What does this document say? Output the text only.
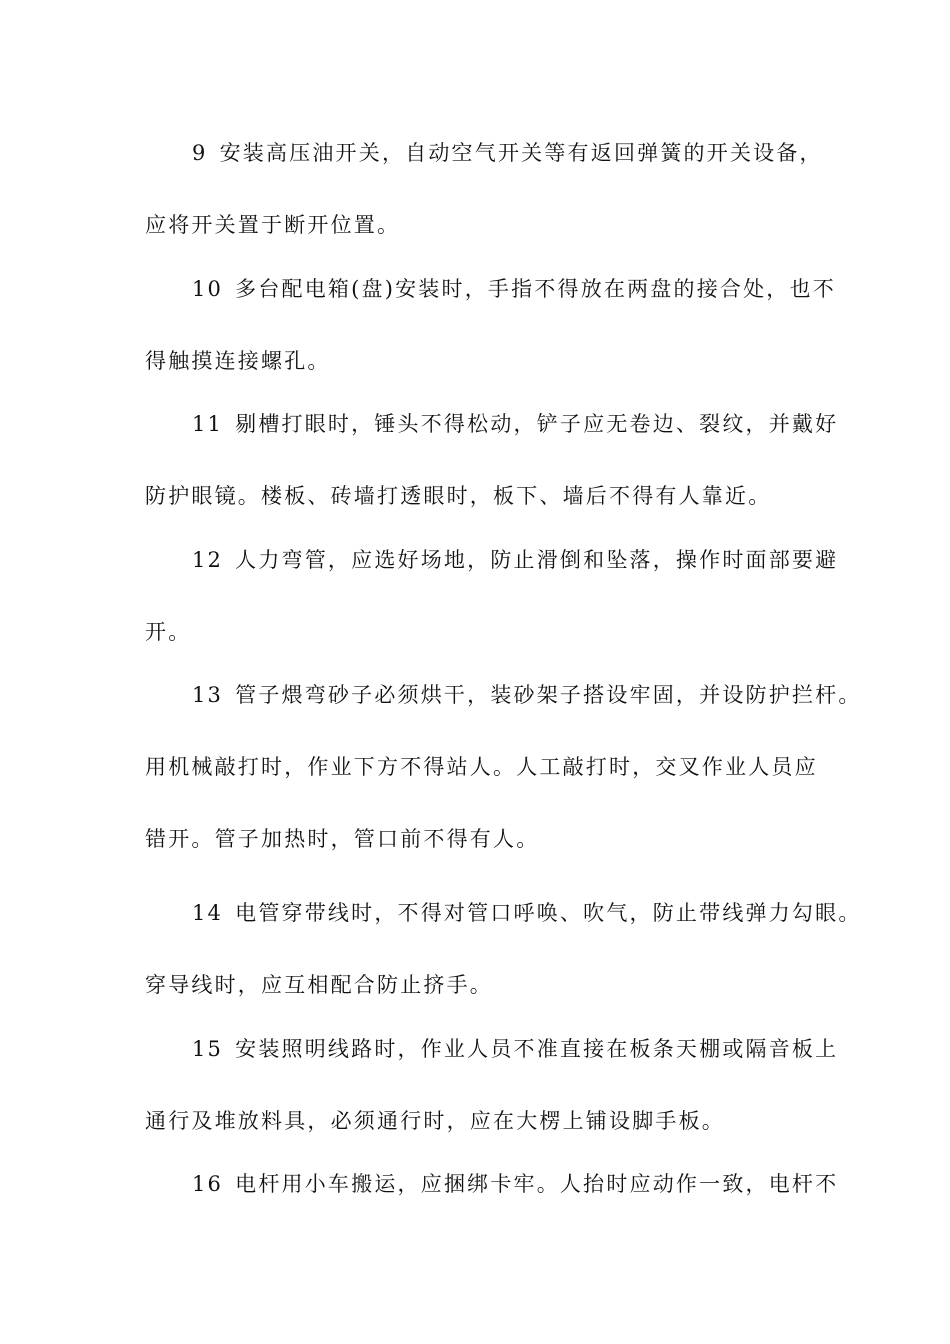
9 安装高压油开关，自动空气开关等有返回弹簧的开关设备，
应将开关置于断开位置。
10 多台配电箱(盘)安装时，手指不得放在两盘的接合处，也不
得触摸连接螺孔。
11 剔槽打眼时，锤头不得松动，铲子应无卷边、裂纹，并戴好
防护眼镜。楼板、砖墙打透眼时，板下、墙后不得有人靠近。
12 人力弯管，应选好场地，防止滑倒和坠落，操作时面部要避
开。
13 管子煨弯砂子必须烘干，装砂架子搭设牢固，并设防护拦杆。
用机械敲打时，作业下方不得站人。人工敲打时，交叉作业人员应
错开。管子加热时，管口前不得有人。
14 电管穿带线时，不得对管口呼唤、吹气，防止带线弹力勾眼。
穿导线时，应互相配合防止挤手。
15 安装照明线路时，作业人员不准直接在板条天棚或隔音板上
通行及堆放料具，必须通行时，应在大楞上铺设脚手板。
16 电杆用小车搬运，应捆绑卡牢。人抬时应动作一致，电杆不
